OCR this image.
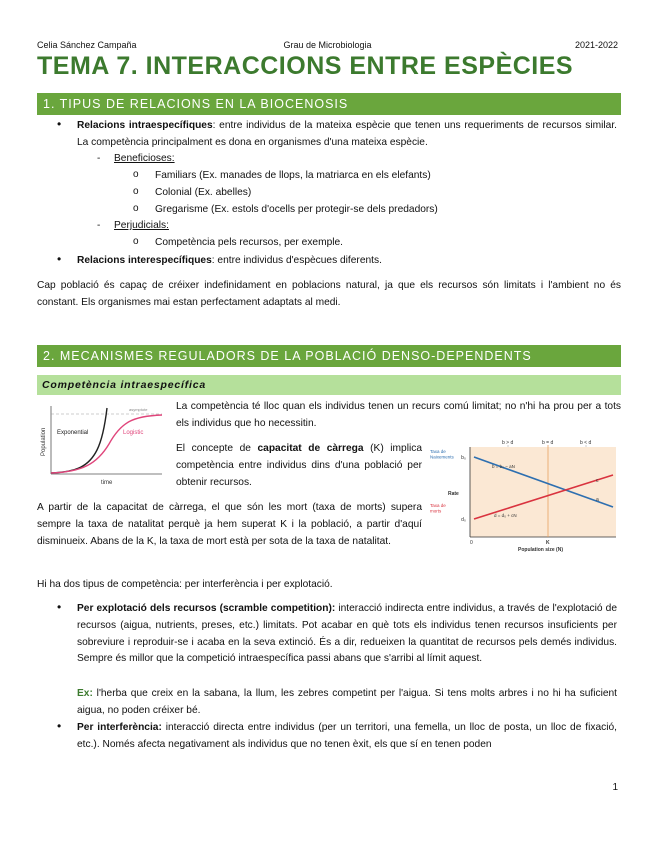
Celia Sánchez Campaña	Grau de Microbiologia	2021-2022
TEMA 7. INTERACCIONS ENTRE ESPÈCIES
1. TIPUS DE RELACIONS EN LA BIOCENOSIS
• Relacions intraespecífiques: entre individus de la mateixa espècie que tenen uns requeriments de recursos similar. La competència principalment es dona en organismes d'una mateixa espècie.
- Beneficioses:
o Familiars (Ex. manades de llops, la matriarca en els elefants)
o Colonial (Ex. abelles)
o Gregarisme (Ex. estols d'ocells per protegir-se dels predadors)
- Perjudicials:
o Competència pels recursos, per exemple.
• Relacions interespecífiques: entre individus d'espècues diferents.
Cap població és capaç de créixer indefinidament en poblacions natural, ja que els recursos són limitats i l'ambient no és constant. Els organismes mai estan perfectament adaptats al medi.
2. MECANISMES REGULADORS DE LA POBLACIÓ DENSO-DEPENDENTS
Competència intraespecífica
Exponential	Logistic
asymptote
Population
time
La competència té lloc quan els individus tenen un recurs comú limitat; no n'hi ha prou per a tots els individus que ho necessitin.
El concepte de capacitat de càrrega (K) implica competència entre individus dins d'una població per obtenir recursos.
b > d	b = d	b < d
b₀
d₀
b = b₀ − aN
d = d₀ + cN
c
a
Taxa de Naixements
Taxa de morts
Rate
0	K
Population size (N)
A partir de la capacitat de càrrega, el que són les mort (taxa de morts) supera sempre la taxa de natalitat perquè ja hem superat K i la població, a partir d'aquí disminueix. Abans de la K, la taxa de mort està per sota de la taxa de natalitat.
Hi ha dos tipus de competència: per interferència i per explotació.
• Per explotació dels recursos (scramble competition): interacció indirecta entre individus, a través de l'explotació de recursos (aigua, nutrients, preses, etc.) limitats. Pot acabar en què tots els individus tenen recursos insuficients per sobreviure i reproduir-se i acaba en la seva extinció. És a dir, redueixen la quantitat de recursos pels demés individus. Sempre és millor que la competició intraespecífica passi abans que s'arribi al límit aquest.
Ex: l'herba que creix en la sabana, la llum, les zebres competint per l'aigua. Si tens molts arbres i no hi ha suficient aigua, no poden créixer bé.
• Per interferència: interacció directa entre individus (per un territori, una femella, un lloc de posta, un lloc de fixació, etc.). Només afecta negativament als individus que no tenen èxit, els que sí en tenen poden
1
